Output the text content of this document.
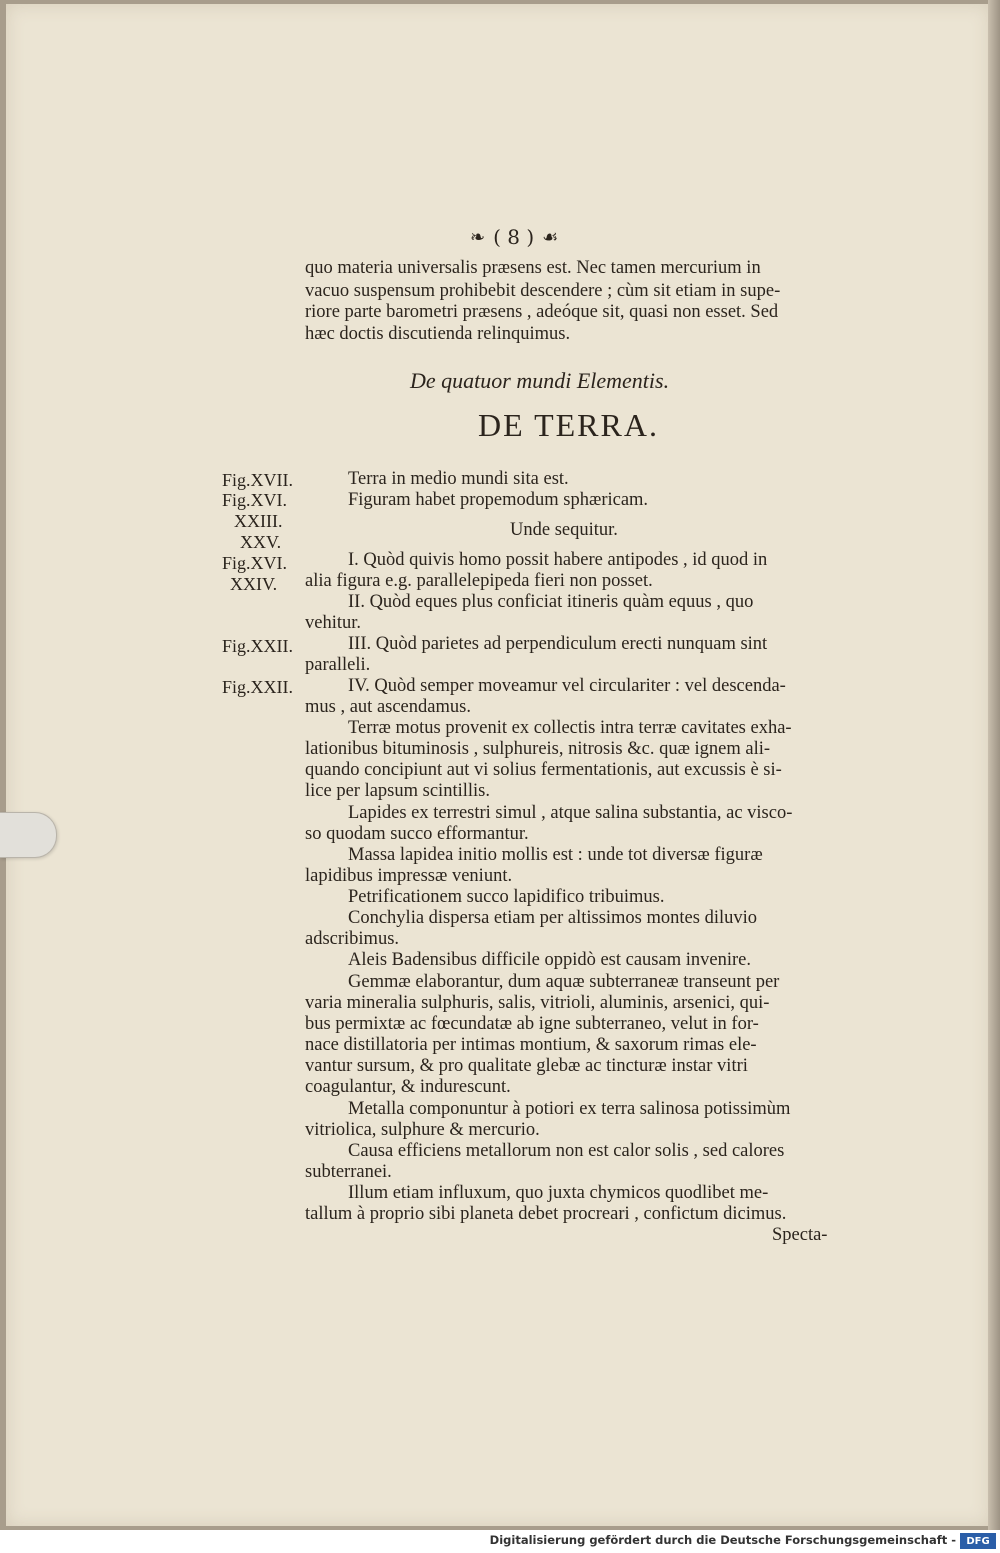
❧ ( 8 ) ☙
quo materia universalis præsens est. Nec tamen mercurium in
vacuo suspensum prohibebit descendere ; cùm sit etiam in supe-
riore parte barometri præsens , adeóque sit, quasi non esset. Sed
hæc doctis discutienda relinquimus.
De quatuor mundi Elementis.
DE TERRA.
Fig.XVII.
Fig.XVI.
XXIII.
XXV.
Fig.XVI.
XXIV.
Fig.XXII.
Fig.XXII.
Terra in medio mundi sita est.
Figuram habet propemodum sphæricam.
Unde sequitur.
I. Quòd quivis homo possit habere antipodes , id quod in
alia figura e.g. parallelepipeda fieri non posset.
II. Quòd eques plus conficiat itineris quàm equus , quo
vehitur.
III. Quòd parietes ad perpendiculum erecti nunquam sint
paralleli.
IV. Quòd semper moveamur vel circulariter : vel descenda-
mus , aut ascendamus.
Terræ motus provenit ex collectis intra terræ cavitates exha-
lationibus bituminosis , sulphureis, nitrosis &c. quæ ignem ali-
quando concipiunt aut vi solius fermentationis, aut excussis è si-
lice per lapsum scintillis.
Lapides ex terrestri simul , atque salina substantia, ac visco-
so quodam succo efformantur.
Massa lapidea initio mollis est : unde tot diversæ figuræ
lapidibus impressæ veniunt.
Petrificationem succo lapidifico tribuimus.
Conchylia dispersa etiam per altissimos montes diluvio
adscribimus.
Aleis Badensibus difficile oppidò est causam invenire.
Gemmæ elaborantur, dum aquæ subterraneæ transeunt per
varia mineralia sulphuris, salis, vitrioli, aluminis, arsenici, qui-
bus permixtæ ac fœcundatæ ab igne subterraneo, velut in for-
nace distillatoria per intimas montium, & saxorum rimas ele-
vantur sursum, & pro qualitate glebæ ac tincturæ instar vitri
coagulantur, & indurescunt.
Metalla componuntur à potiori ex terra salinosa potissimùm
vitriolica, sulphure & mercurio.
Causa efficiens metallorum non est calor solis , sed calores
subterranei.
Illum etiam influxum, quo juxta chymicos quodlibet me-
tallum à proprio sibi planeta debet procreari , confictum dicimus.
Specta-
Digitalisierung gefördert durch die Deutsche Forschungsgemeinschaft -	DFG
